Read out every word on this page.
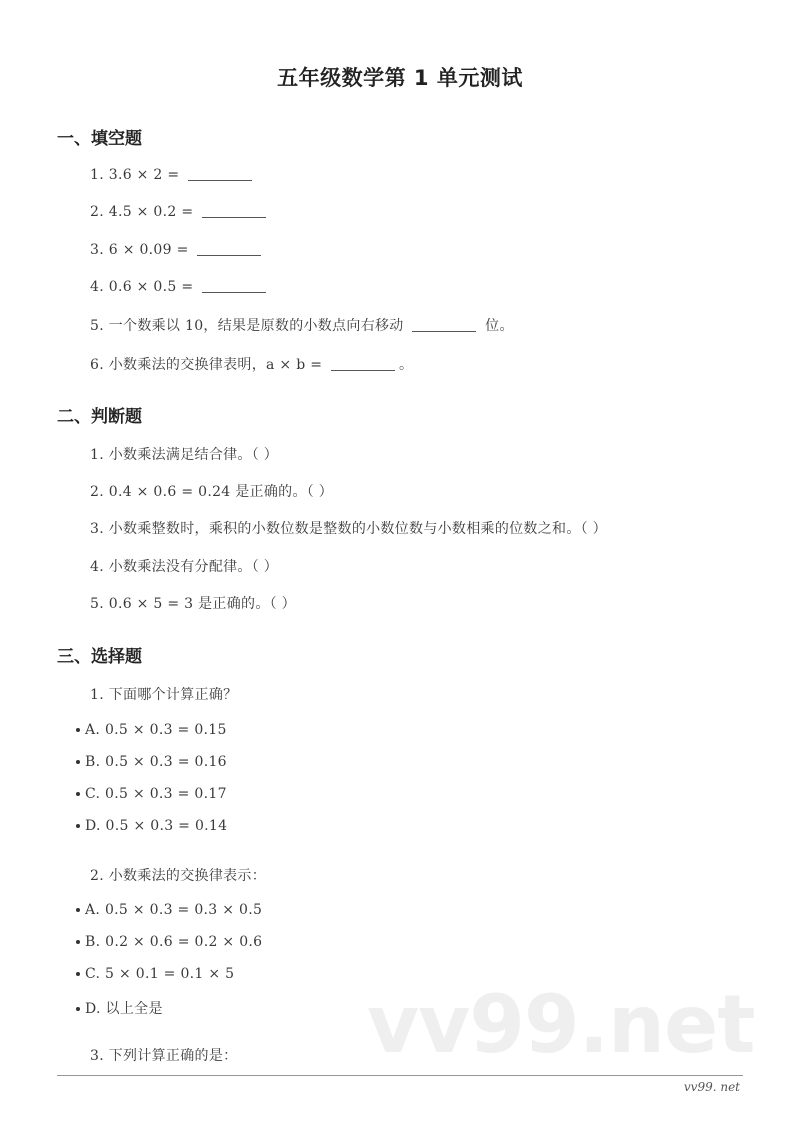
五年级数学第 1 单元测试
一、填空题
1. 3.6 × 2 =
2. 4.5 × 0.2 =
3. 6 × 0.09 =
4. 0.6 × 0.5 =
5. 一个数乘以 10，结果是原数的小数点向右移动	位。
6. 小数乘法的交换律表明，a × b =	。
二、判断题
1. 小数乘法满足结合律。（ ）
2. 0.4 × 0.6 = 0.24 是正确的。（ ）
3. 小数乘整数时，乘积的小数位数是整数的小数位数与小数相乘的位数之和。（ ）
4. 小数乘法没有分配律。（ ）
5. 0.6 × 5 = 3 是正确的。（ ）
三、选择题
1. 下面哪个计算正确？
A. 0.5 × 0.3 = 0.15
B. 0.5 × 0.3 = 0.16
C. 0.5 × 0.3 = 0.17
D. 0.5 × 0.3 = 0.14
2. 小数乘法的交换律表示：
A. 0.5 × 0.3 = 0.3 × 0.5
B. 0.2 × 0.6 = 0.2 × 0.6
C. 5 × 0.1 = 0.1 × 5
D. 以上全是
3. 下列计算正确的是： vv99.net
vv99. net
